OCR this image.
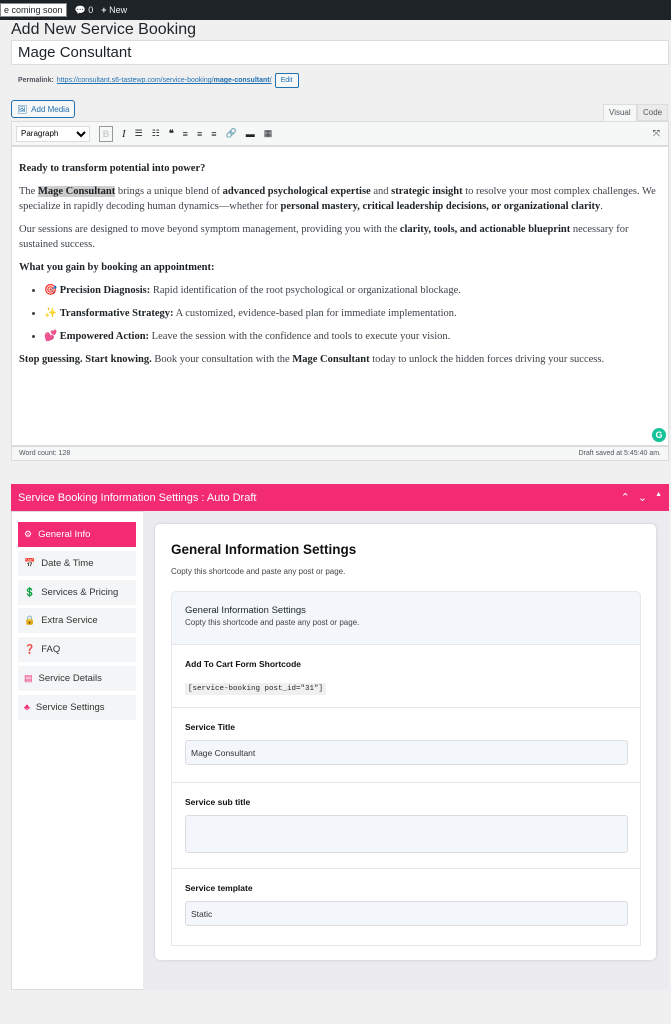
e coming soon	💬 0 + New
Add New Service Booking
Mage Consultant
Permalink: https://consultant.s6-tastewp.com/service-booking/mage-consultant/	Edit
🖼 Add Media	Visual	Code
Paragraph
B	I ☰ ☷ ❝ ≡ ≡ ≡ 🔗 ▬ ▦	⤧

Ready to transform potential into power?

The Mage Consultant brings a unique blend of advanced psychological expertise and strategic insight to resolve your most complex challenges. We specialize in rapidly decoding human dynamics—whether for personal mastery, critical leadership decisions, or organizational clarity.

Our sessions are designed to move beyond symptom management, providing you with the clarity, tools, and actionable blueprint necessary for sustained success.

What you gain by booking an appointment:

• 🎯 Precision Diagnosis: Rapid identification of the root psychological or organizational blockage.
• ✨ Transformative Strategy: A customized, evidence-based plan for immediate implementation.
• 💕 Empowered Action: Leave the session with the confidence and tools to execute your vision.

Stop guessing. Start knowing. Book your consultation with the Mage Consultant today to unlock the hidden forces driving your success.

G
Word count: 128	Draft saved at 5:45:40 am.
Service Booking Information Settings : Auto Draft	⌃ ⌄ ▲
⚙ General Info
📅 Date & Time
💲 Services & Pricing
🔒 Extra Service
❓ FAQ
▤ Service Details
♣ Service Settings
General Information Settings
Copty this shortcode and paste any post or page.
General Information Settings
Copty this shortcode and paste any post or page.
Add To Cart Form Shortcode
[service-booking post_id="31"]
Service Title
Mage Consultant
Service sub title
Service template
Static
